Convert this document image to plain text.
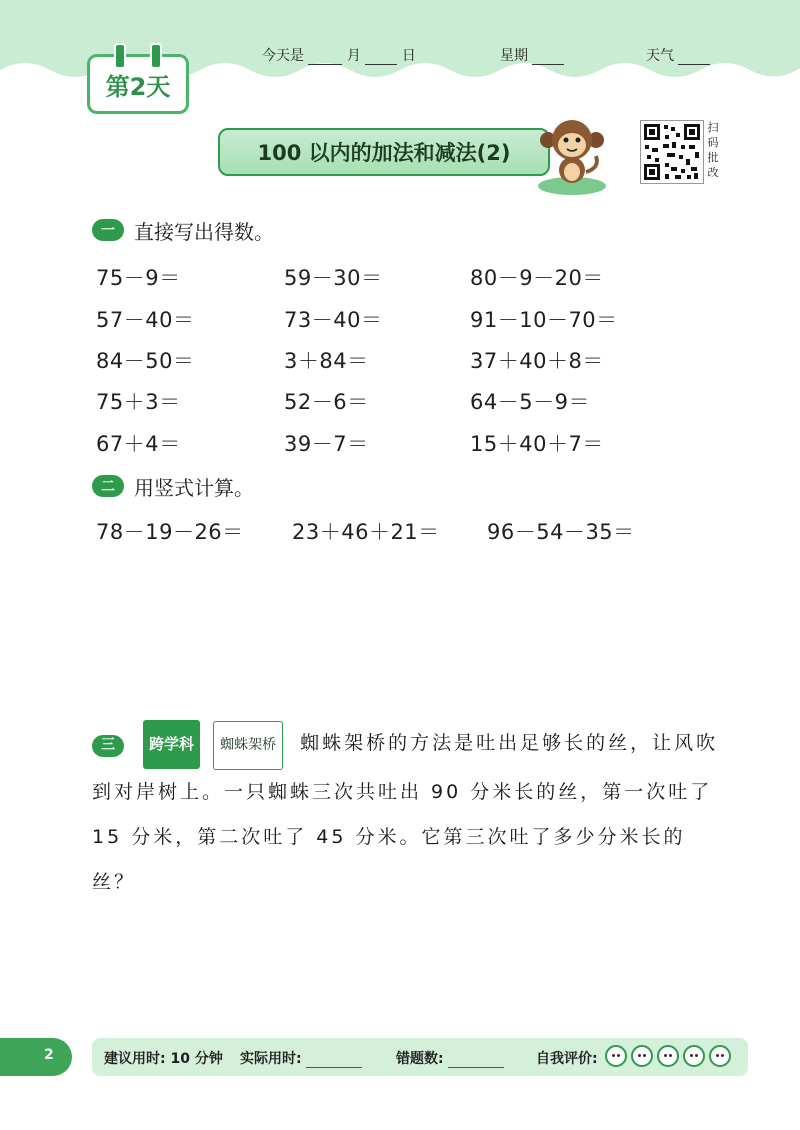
第2天
今天是	月	日	星期	天气
100 以内的加法和减法(2)
扫码批改
一 直接写出得数。
75－9＝	59－30＝	80－9－20＝
57－40＝	73－40＝	91－10－70＝
84－50＝	3＋84＝	37＋40＋8＝
75＋3＝	52－6＝	64－5－9＝
67＋4＝	39－7＝	15＋40＋7＝
二 用竖式计算。
78－19－26＝ 23＋46＋21＝ 96－54－35＝
三 跨学科 蜘蛛架桥 蜘蛛架桥的方法是吐出足够长的丝，让风吹到对岸树上。一只蜘蛛三次共吐出 90 分米长的丝，第一次吐了 15 分米，第二次吐了 45 分米。它第三次吐了多少分米长的丝？
2	建议用时: 10 分钟 实际用时:	错题数:	自我评价:
